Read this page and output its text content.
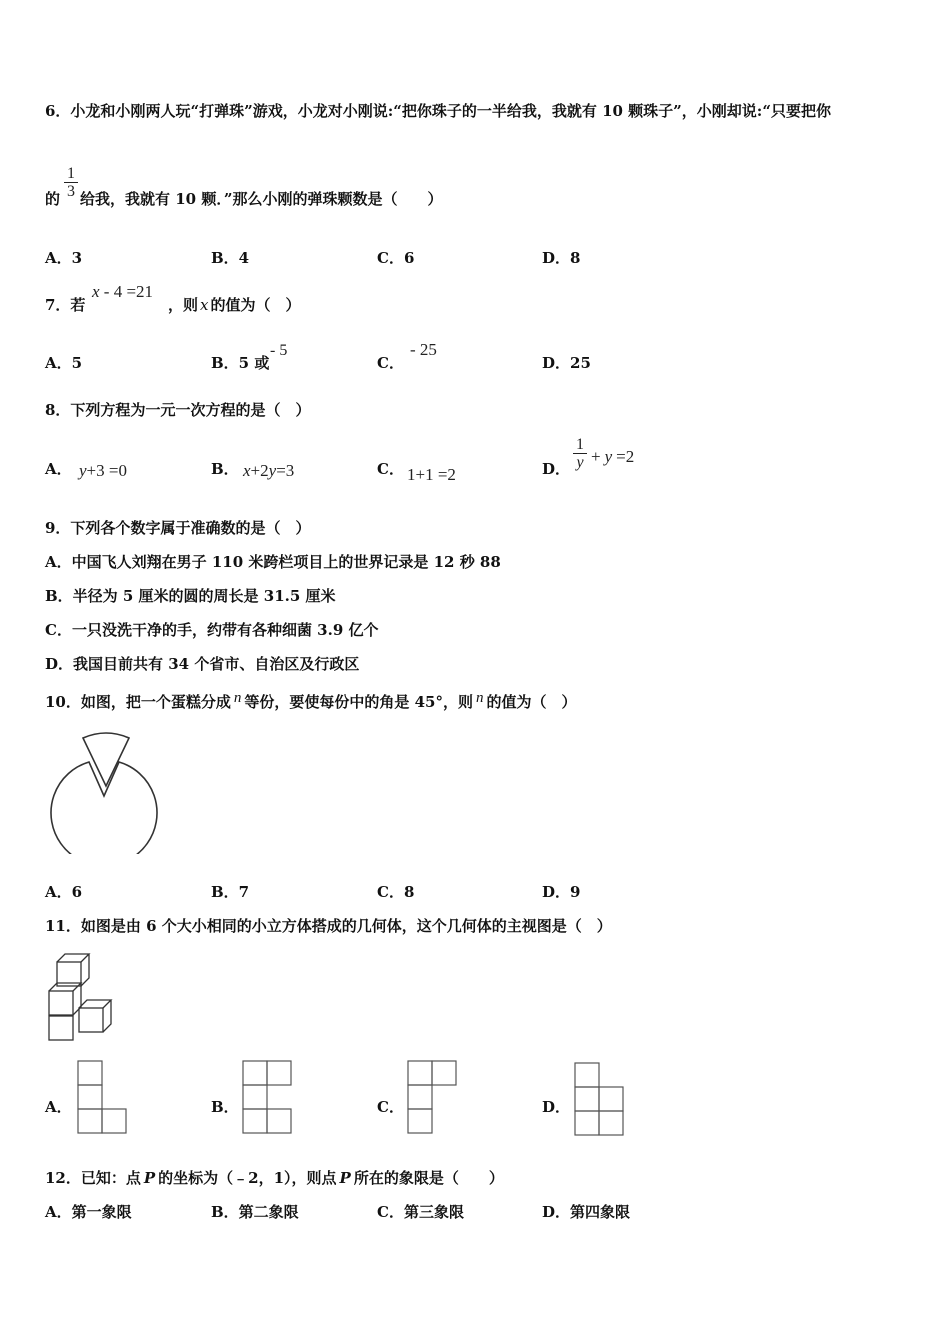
6．小龙和小刚两人玩“打弹珠”游戏，小龙对小刚说:“把你珠子的一半给我，我就有 10 颗珠子”，小刚却说:“只要把你
的 $\frac{1}{3}$ 给我，我就有 10 颗．”那么小刚的弹珠颗数是（　　）
A．3	B．4	C．6	D．8
7．若
x - 4 =21
，则 x 的值为（　）
A．5	B．5 或
- 5
C．
- 25
D．25
8．下列方程为一元一次方程的是（　）
A． y+3 =0	B． x+2y=3	C． 1+1 =2	D． $\frac{1}{y} + y =2$
9．下列各个数字属于准确数的是（　）
A．中国飞人刘翔在男子 110 米跨栏项目上的世界记录是 12 秒 88
B．半径为 5 厘米的圆的周长是 31.5 厘米
C．一只没洗干净的手，约带有各种细菌 3.9 亿个
D．我国目前共有 34 个省市、自治区及行政区
10．如图，把一个蛋糕分成 n 等份，要使每份中的角是 45°，则 n 的值为（　）
A．6	B．7	C．8	D．9
11．如图是由 6 个大小相同的小立方体搭成的几何体，这个几何体的主视图是（　）
A．	B．	C．	D．
12．已知：点 P 的坐标为（﹣2，1），则点 P 所在的象限是（　　）
A．第一象限	B．第二象限	C．第三象限	D．第四象限
